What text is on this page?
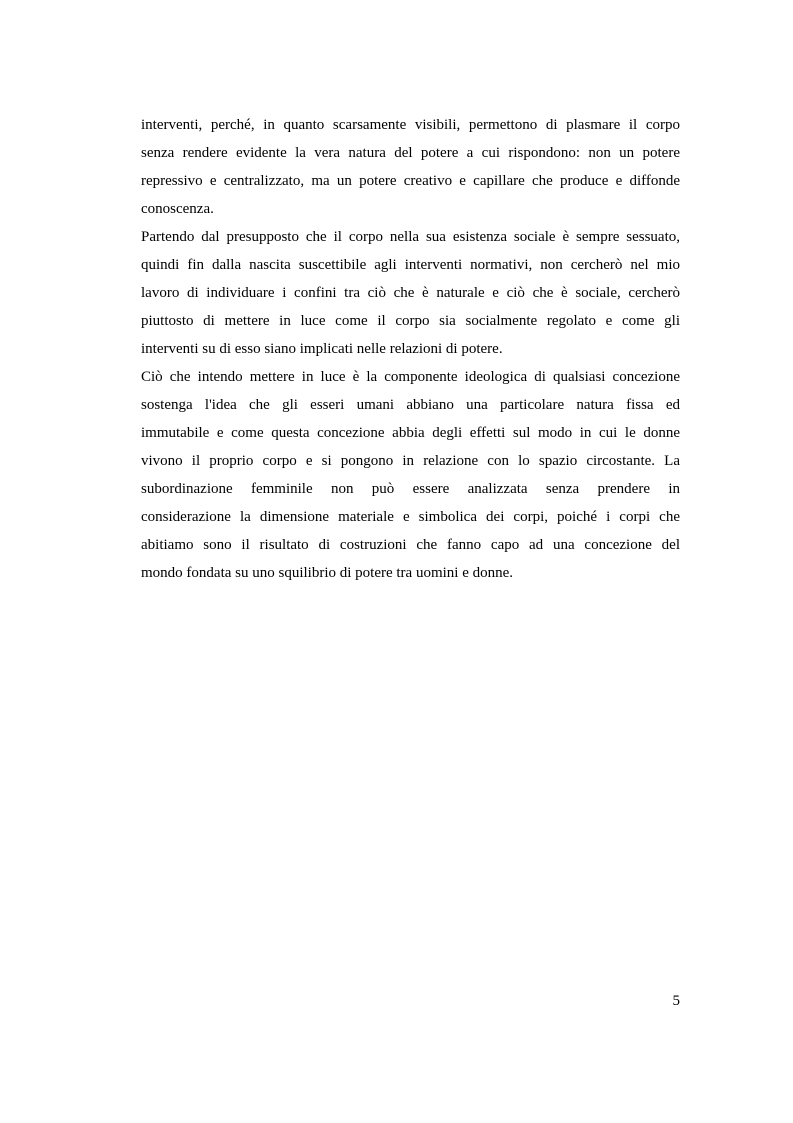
interventi, perché, in quanto scarsamente visibili, permettono di plasmare il corpo
senza rendere evidente la vera natura del potere a cui rispondono: non un potere
repressivo e centralizzato, ma un potere creativo e capillare che produce e diffonde
conoscenza.

Partendo dal presupposto che il corpo nella sua esistenza sociale è sempre sessuato,
quindi fin dalla nascita suscettibile agli interventi normativi, non cercherò nel mio
lavoro di individuare i confini tra ciò che è naturale e ciò che è sociale, cercherò
piuttosto di mettere in luce come il corpo sia socialmente regolato e come gli
interventi su di esso siano implicati nelle relazioni di potere.

Ciò che intendo mettere in luce è la componente ideologica di qualsiasi concezione
sostenga l'idea che gli esseri umani abbiano una particolare natura fissa ed
immutabile e come questa concezione abbia degli effetti sul modo in cui le donne
vivono il proprio corpo e si pongono in relazione con lo spazio circostante. La
subordinazione femminile non può essere analizzata senza prendere in
considerazione la dimensione materiale e simbolica dei corpi, poiché i corpi che
abitiamo sono il risultato di costruzioni che fanno capo ad una concezione del
mondo fondata su uno squilibrio di potere tra uomini e donne.

5
